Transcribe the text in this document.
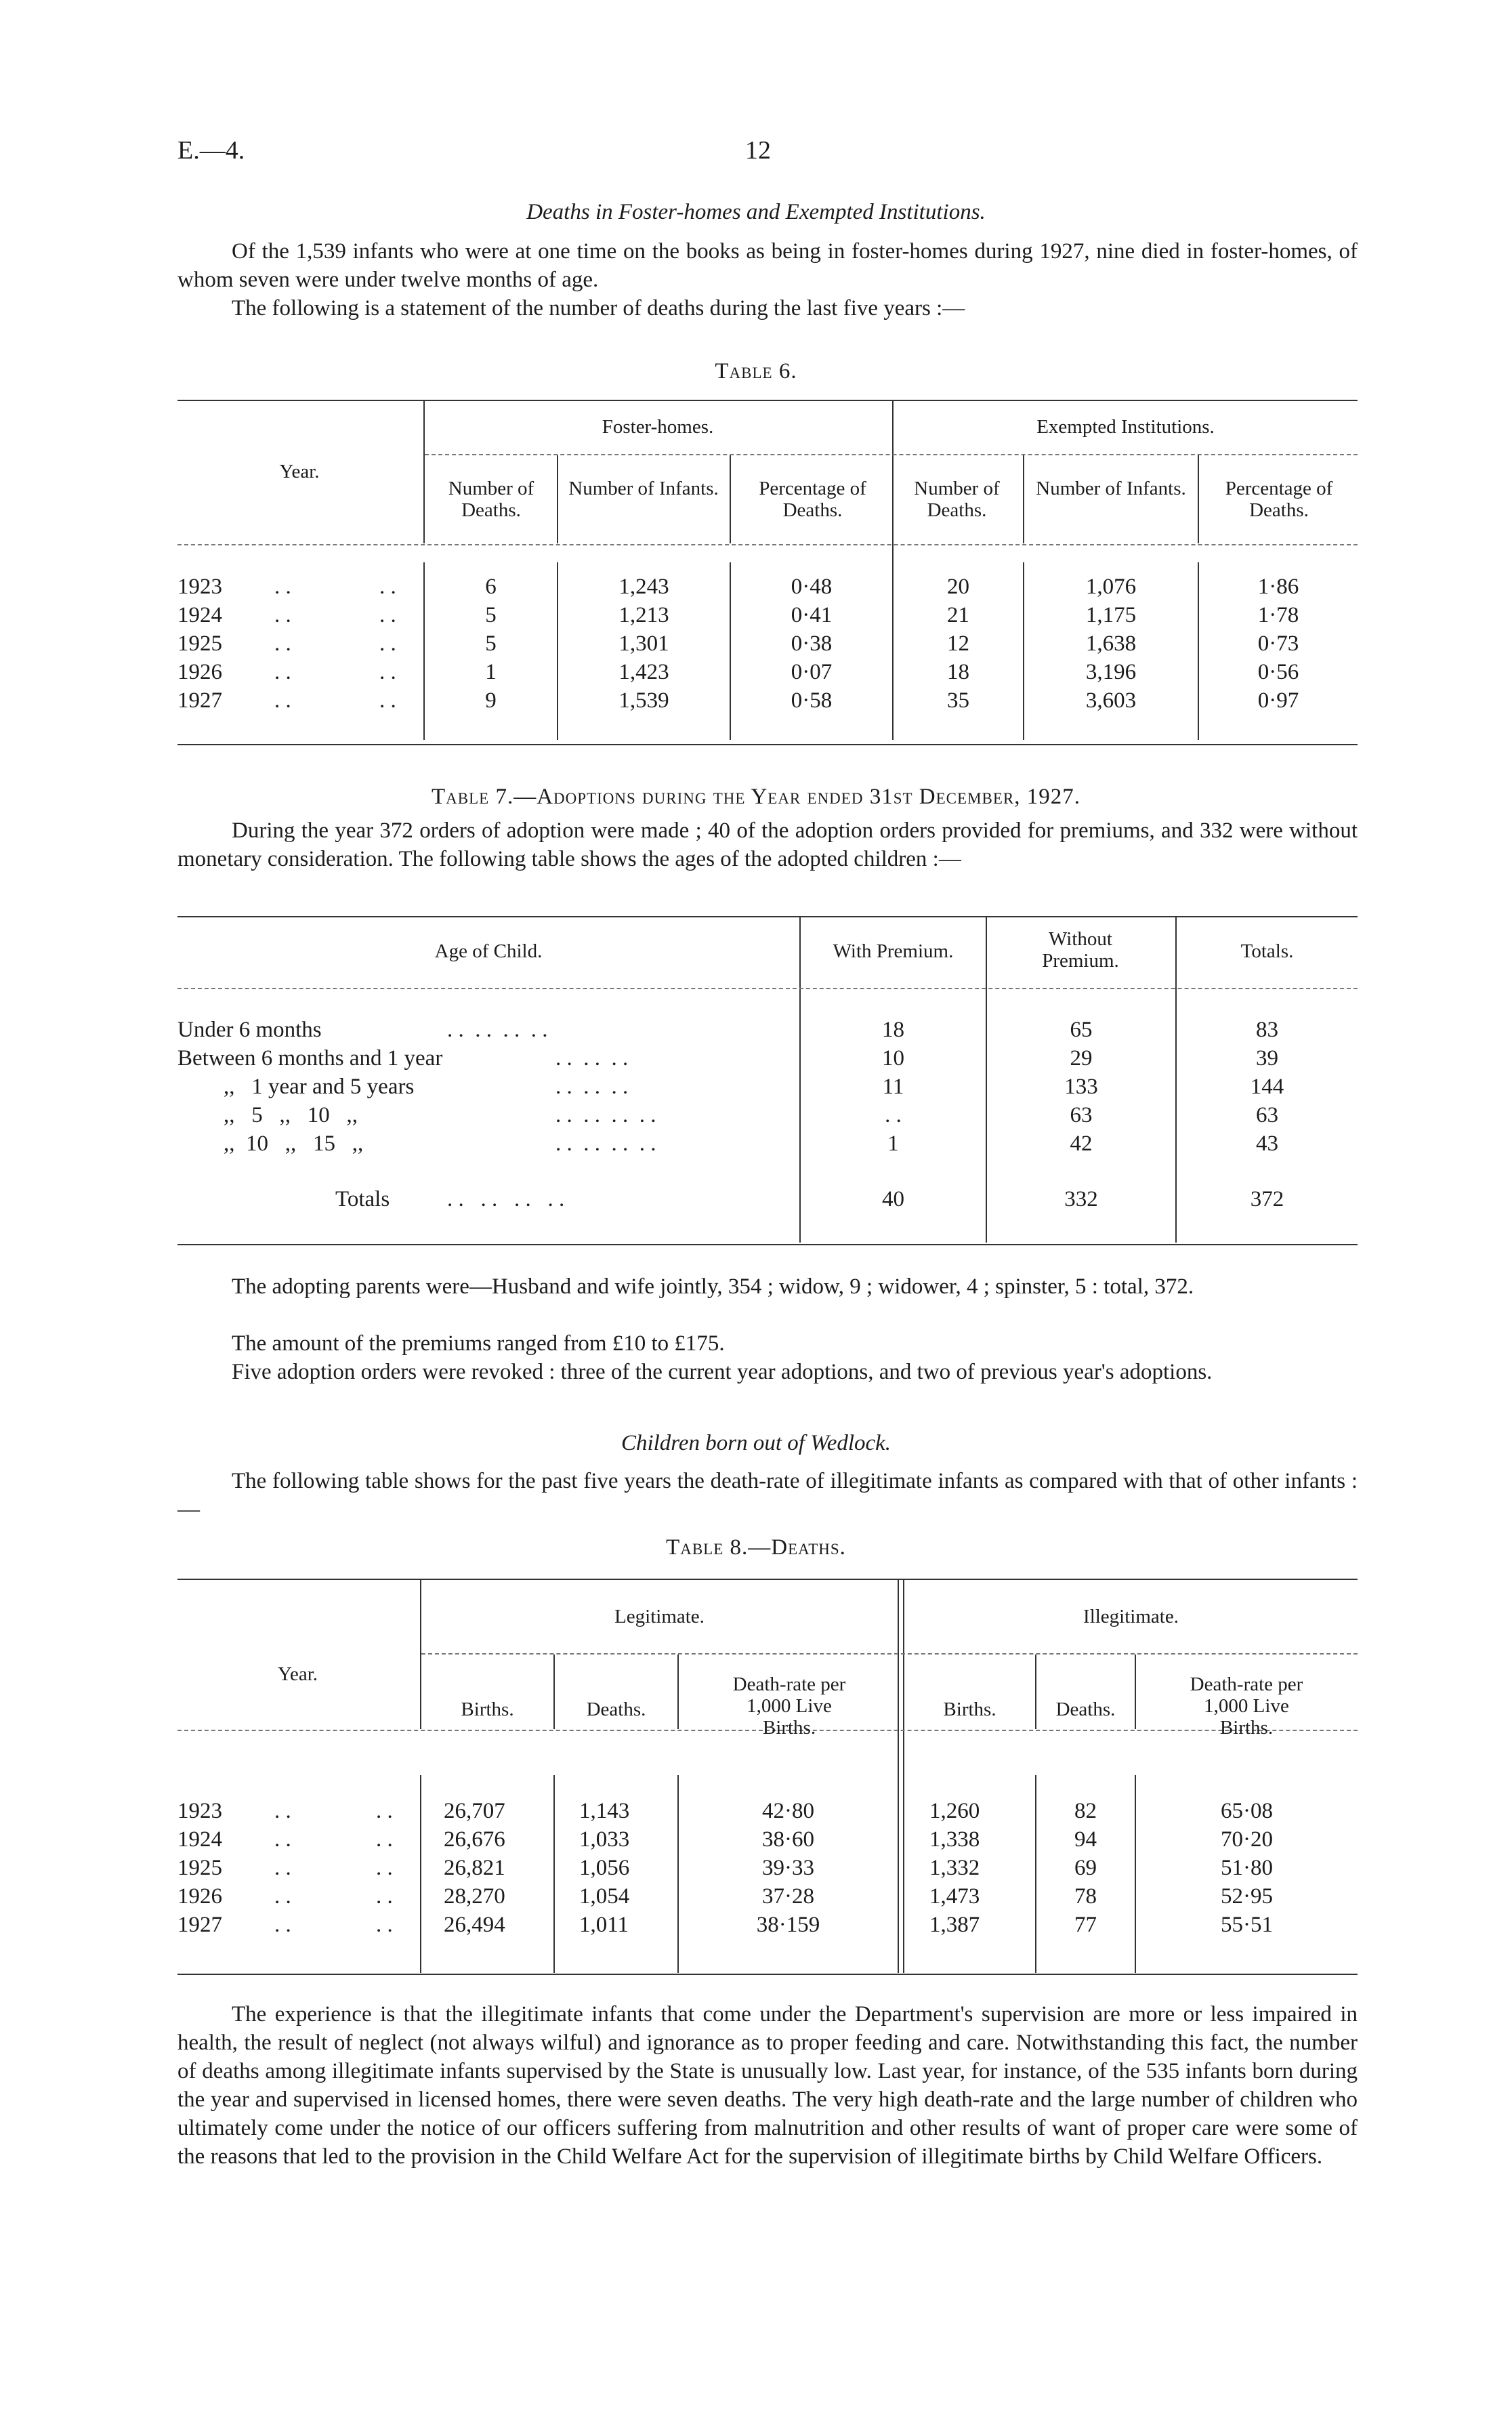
E.—4.	12
Deaths in Foster-homes and Exempted Institutions.

Of the 1,539 infants who were at one time on the books as being in foster-homes during 1927, nine died in foster-homes, of whom seven were under twelve months of age.

The following is a statement of the number of deaths during the last five years :—

Table 6.
Year.
Foster-homes.	Exempted Institutions.
Number of Deaths.
Number of Infants.	Percentage of Deaths.
Number of Deaths.
Number of Infants.	Percentage of Deaths.
1923 . .	. .	6	1,243	0·48	20	1,076	1·86
1924 . .	. .	5	1,213	0·41	21	1,175	1·78
1925 . .	. .	5	1,301	0·38	12	1,638	0·73
1926 . .	. .	1	1,423	0·07	18	3,196	0·56
1927 . .	. .	9	1,539	0·58	35	3,603	0·97
Table 7.—Adoptions during the Year ended 31st December, 1927.

During the year 372 orders of adoption were made ; 40 of the adoption orders provided for premiums, and 332 were without monetary consideration. The following table shows the ages of the adopted children :—

Age of Child.	With Premium.
Without Premium.	Totals.
Under 6 months	. .  . .  . .  . .	18	65	83
Between 6 months and 1 year	. .  . .  . .	10	29	39
,,   1 year and 5 years	. .  . .  . .	11	133	144
,,   5   ,,   10   ,,	. .  . .  . .  . .	. .	63	63
,,  10   ,,   15   ,,	. .  . .  . .  . .	1	42	43
Totals	. .   . .   . .   . .	40	332	372

The adopting parents were—Husband and wife jointly, 354 ; widow, 9 ; widower, 4 ; spinster, 5 : total, 372.

The amount of the premiums ranged from £10 to £175.

Five adoption orders were revoked : three of the current year adoptions, and two of previous year's adoptions.

Children born out of Wedlock.

The following table shows for the past five years the death-rate of illegitimate infants as compared with that of other infants :—

Table 8.—Deaths.
Year.
Legitimate.	Illegitimate.
Births.	Deaths.
Death-rate per 1,000 Live Births.
Births.	Deaths.
Death-rate per 1,000 Live Births.
1923 . .	. . 26,707	1,143	42·80	1,260	82	65·08
1924 . .	. . 26,676	1,033	38·60	1,338	94	70·20
1925 . .	. . 26,821	1,056	39·33	1,332	69	51·80
1926 . .	. . 28,270	1,054	37·28	1,473	78	52·95
1927 . .	. . 26,494	1,011	38·159	1,387	77	55·51

The experience is that the illegitimate infants that come under the Department's supervision are more or less impaired in health, the result of neglect (not always wilful) and ignorance as to proper feeding and care. Notwithstanding this fact, the number of deaths among illegitimate infants supervised by the State is unusually low. Last year, for instance, of the 535 infants born during the year and supervised in licensed homes, there were seven deaths. The very high death-rate and the large number of children who ultimately come under the notice of our officers suffering from malnutrition and other results of want of proper care were some of the reasons that led to the provision in the Child Welfare Act for the supervision of illegitimate births by Child Welfare Officers.
